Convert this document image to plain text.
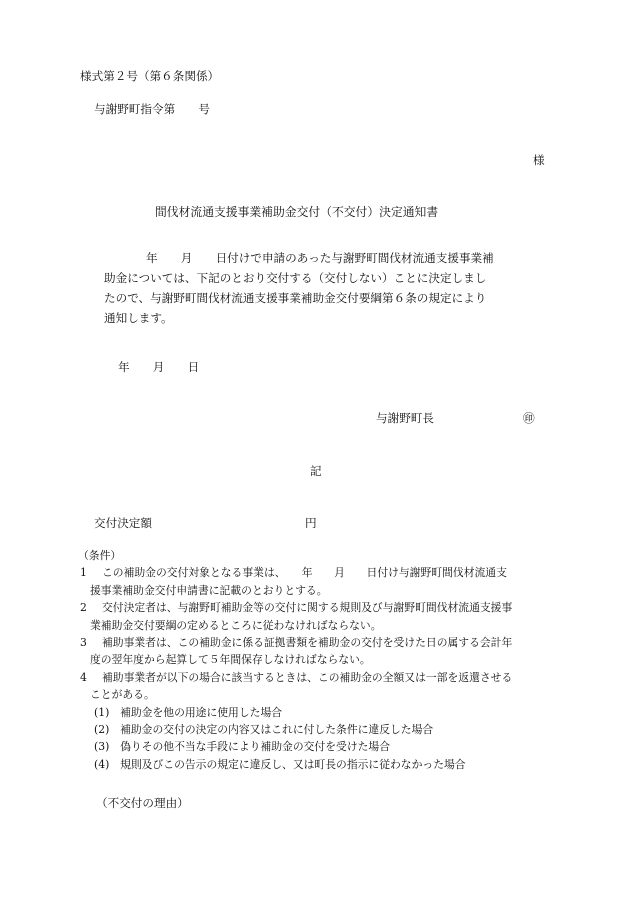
様式第２号（第６条関係）
与謝野町指令第　　号
様
間伐材流通支援事業補助金交付（不交付）決定通知書
年　　月　　日付けで申請のあった与謝野町間伐材流通支援事業補
助金については、下記のとおり交付する（交付しない）ことに決定しまし
たので、与謝野町間伐材流通支援事業補助金交付要綱第６条の規定により
通知します。
年　　月　　日
与謝野町長	㊞
記
交付決定額	円
（条件）
1 この補助金の交付対象となる事業は、　　年　　月　　日付け与謝野町間伐材流通支
援事業補助金交付申請書に記載のとおりとする。
2 交付決定者は、与謝野町補助金等の交付に関する規則及び与謝野町間伐材流通支援事
業補助金交付要綱の定めるところに従わなければならない。
3 補助事業者は、この補助金に係る証拠書類を補助金の交付を受けた日の属する会計年
度の翌年度から起算して５年間保存しなければならない。
4 補助事業者が以下の場合に該当するときは、この補助金の全額又は一部を返還させる
ことがある。
(1)　補助金を他の用途に使用した場合
(2)　補助金の交付の決定の内容又はこれに付した条件に違反した場合
(3)　偽りその他不当な手段により補助金の交付を受けた場合
(4)　規則及びこの告示の規定に違反し、又は町長の指示に従わなかった場合
（不交付の理由）
